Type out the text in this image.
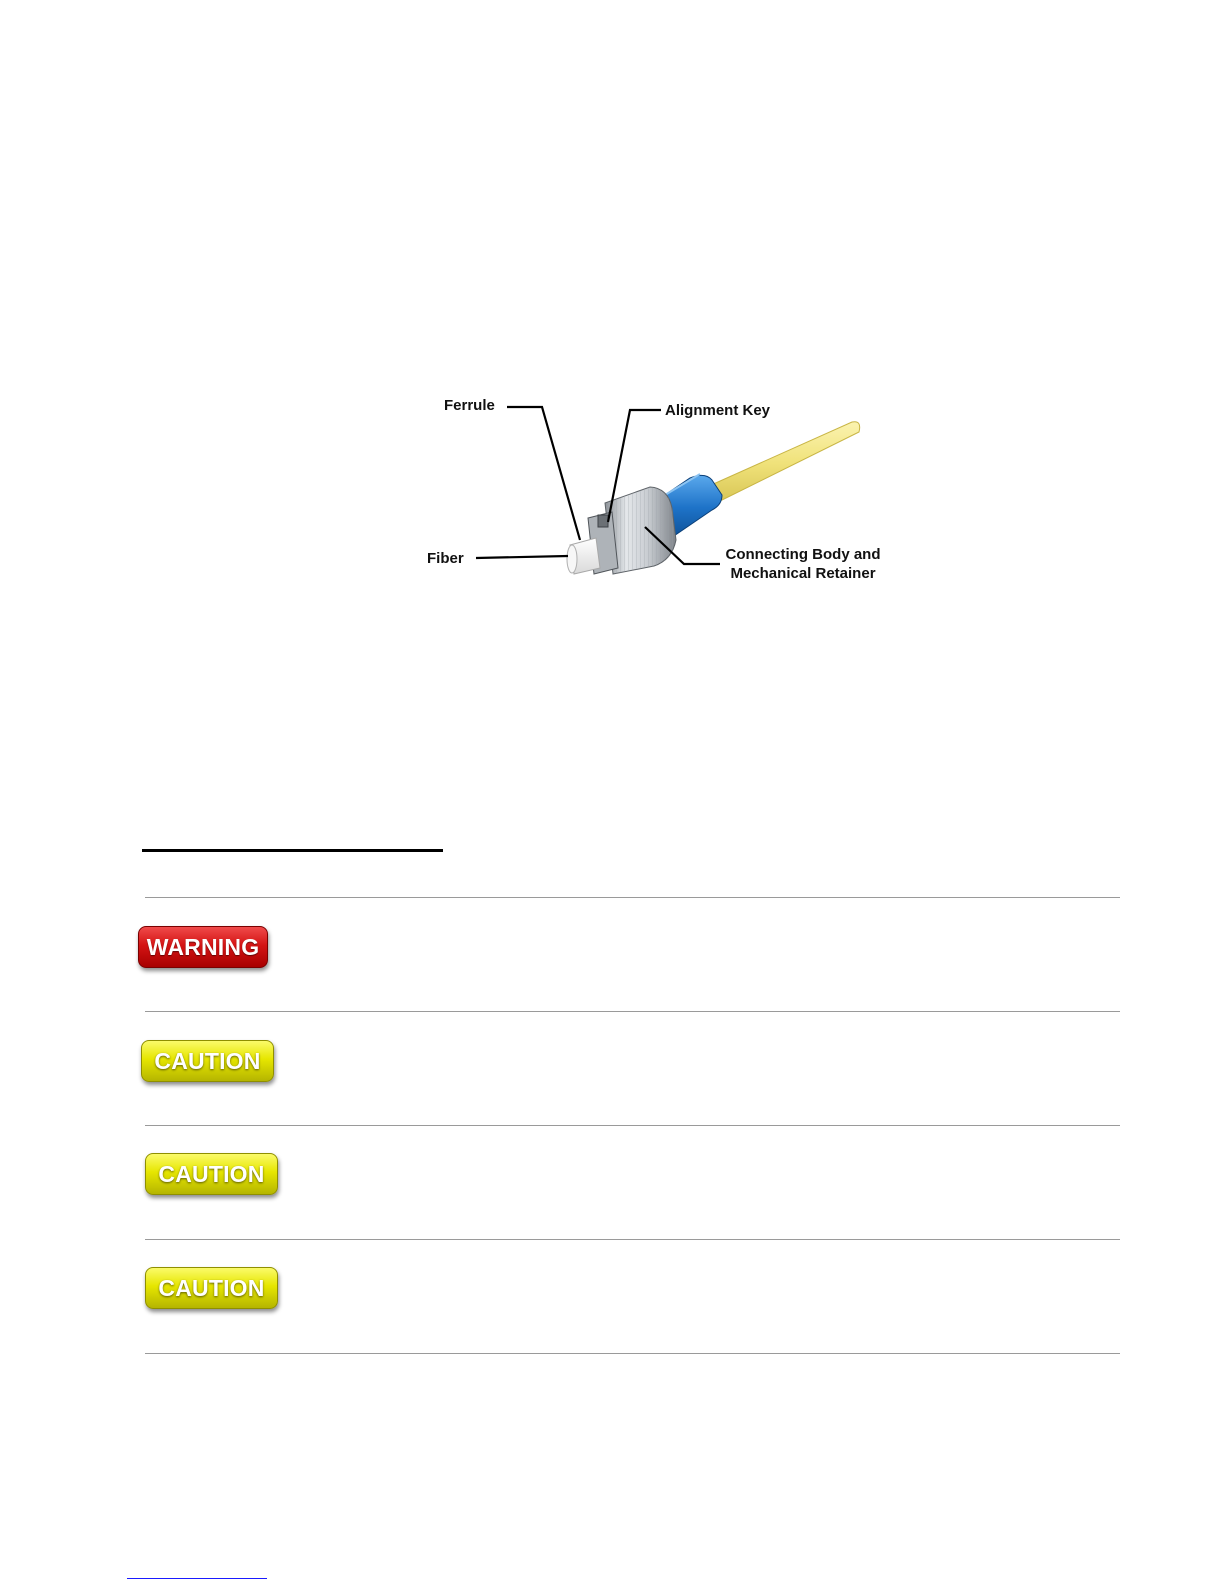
Ferrule	Alignment Key
Fiber	Connecting Body and
Mechanical Retainer
WARNING
CAUTION
CAUTION
CAUTION
